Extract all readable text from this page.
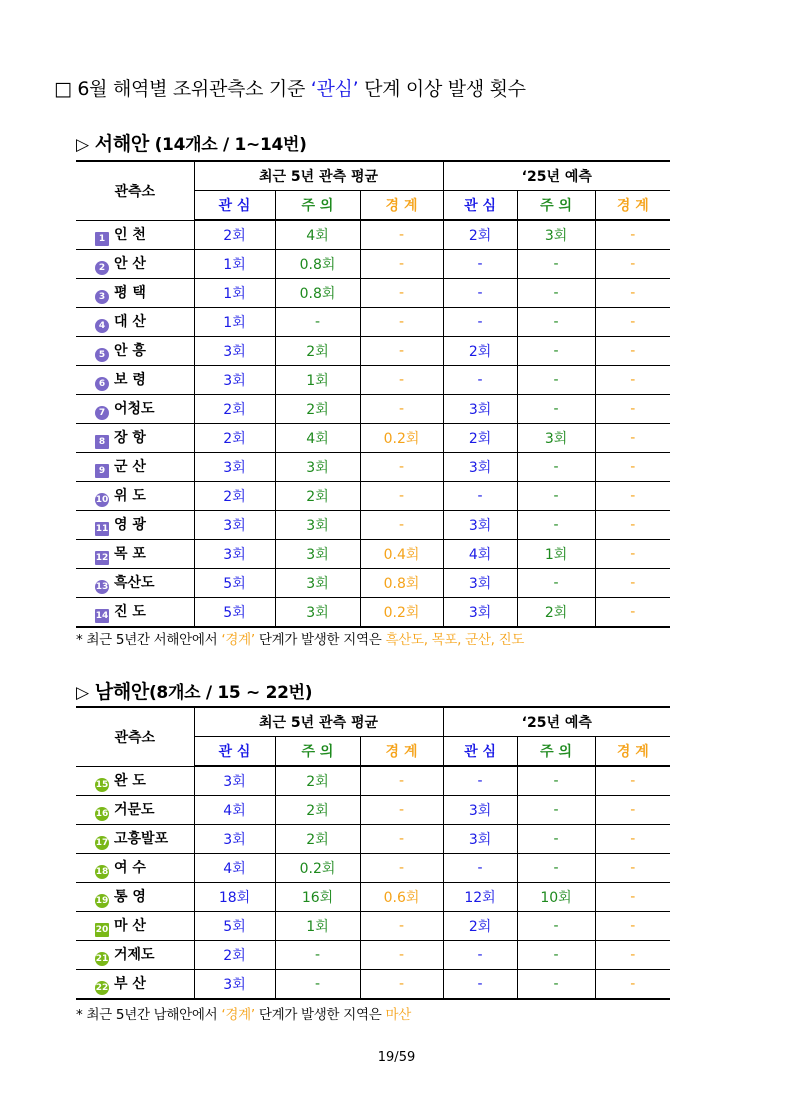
□ 6월 해역별 조위관측소 기준 ‘관심’ 단계 이상 발생 횟수
▷ 서해안 (14개소 / 1~14번)
관측소	최근 5년 관측 평균			‘25년 예측		
	관 심	주 의	경 계	관 심	주 의	경 계
1 인 천	2회	4회	-	2회	3회	-
2 안 산	1회	0.8회	-	-	-	-
3 평 택	1회	0.8회	-	-	-	-
4 대 산	1회	-	-	-	-	-
5 안 흥	3회	2회	-	2회	-	-
6 보 령	3회	1회	-	-	-	-
7 어청도	2회	2회	-	3회	-	-
8 장 항	2회	4회	0.2회	2회	3회	-
9 군 산	3회	3회	-	3회	-	-
10 위 도	2회	2회	-	-	-	-
11 영 광	3회	3회	-	3회	-	-
12 목 포	3회	3회	0.4회	4회	1회	-
13 흑산도	5회	3회	0.8회	3회	-	-
14 진 도	5회	3회	0.2회	3회	2회	-
* 최근 5년간 서해안에서 ‘경계’ 단계가 발생한 지역은 흑산도, 목포, 군산, 진도
▷ 남해안(8개소 / 15 ~ 22번)
관측소	최근 5년 관측 평균			‘25년 예측		
	관 심	주 의	경 계	관 심	주 의	경 계
15 완 도	3회	2회	-	-	-	-
16 거문도	4회	2회	-	3회	-	-
17 고흥발포	3회	2회	-	3회	-	-
18 여 수	4회	0.2회	-	-	-	-
19 통 영	18회	16회	0.6회	12회	10회	-
20 마 산	5회	1회	-	2회	-	-
21 거제도	2회	-	-	-	-	-
22 부 산	3회	-	-	-	-	-
* 최근 5년간 남해안에서 ‘경계’ 단계가 발생한 지역은 마산
19/59
